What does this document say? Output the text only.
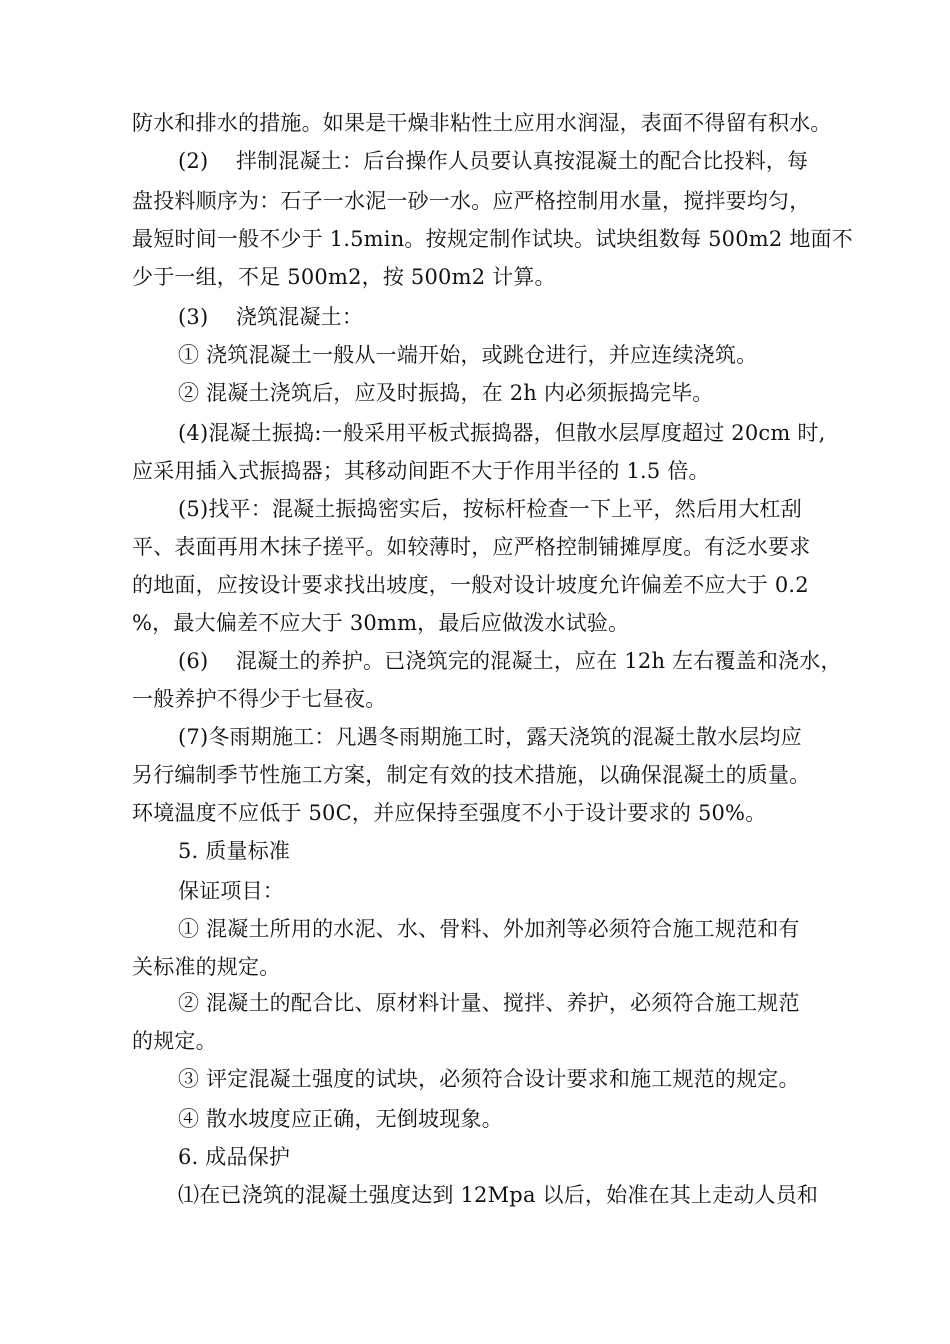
防水和排水的措施。如果是干燥非粘性土应用水润湿，表面不得留有积水。
(2)    拌制混凝土：后台操作人员要认真按混凝土的配合比投料，每
盘投料顺序为：石子一水泥一砂一水。应严格控制用水量，搅拌要均匀，
最短时间一般不少于 1.5min。按规定制作试块。试块组数每 500m2 地面不
少于一组，不足 500m2，按 500m2 计算。
(3)    浇筑混凝土：
① 浇筑混凝土一般从一端开始，或跳仓进行，并应连续浇筑。
② 混凝土浇筑后，应及时振捣，在 2h 内必须振捣完毕。
(4)混凝土振捣:一般采用平板式振捣器，但散水层厚度超过 20cm 时,
应采用插入式振捣器；其移动间距不大于作用半径的 1.5 倍。
(5)找平：混凝土振捣密实后，按标杆检查一下上平，然后用大杠刮
平、表面再用木抹子搓平。如较薄时，应严格控制铺摊厚度。有泛水要求
的地面，应按设计要求找出坡度，一般对设计坡度允许偏差不应大于 0.2
%，最大偏差不应大于 30mm，最后应做泼水试验。
(6)    混凝土的养护。已浇筑完的混凝土，应在 12h 左右覆盖和浇水，
一般养护不得少于七昼夜。
(7)冬雨期施工：凡遇冬雨期施工时，露天浇筑的混凝土散水层均应
另行编制季节性施工方案，制定有效的技术措施，以确保混凝土的质量。
环境温度不应低于 50C，并应保持至强度不小于设计要求的 50%。
5. 质量标准
保证项目：
① 混凝土所用的水泥、水、骨料、外加剂等必须符合施工规范和有
关标准的规定。
② 混凝土的配合比、原材料计量、搅拌、养护，必须符合施工规范
的规定。
③ 评定混凝土强度的试块，必须符合设计要求和施工规范的规定。
④ 散水坡度应正确，无倒坡现象。
6. 成品保护
⑴在已浇筑的混凝土强度达到 12Mpa 以后，始准在其上走动人员和
